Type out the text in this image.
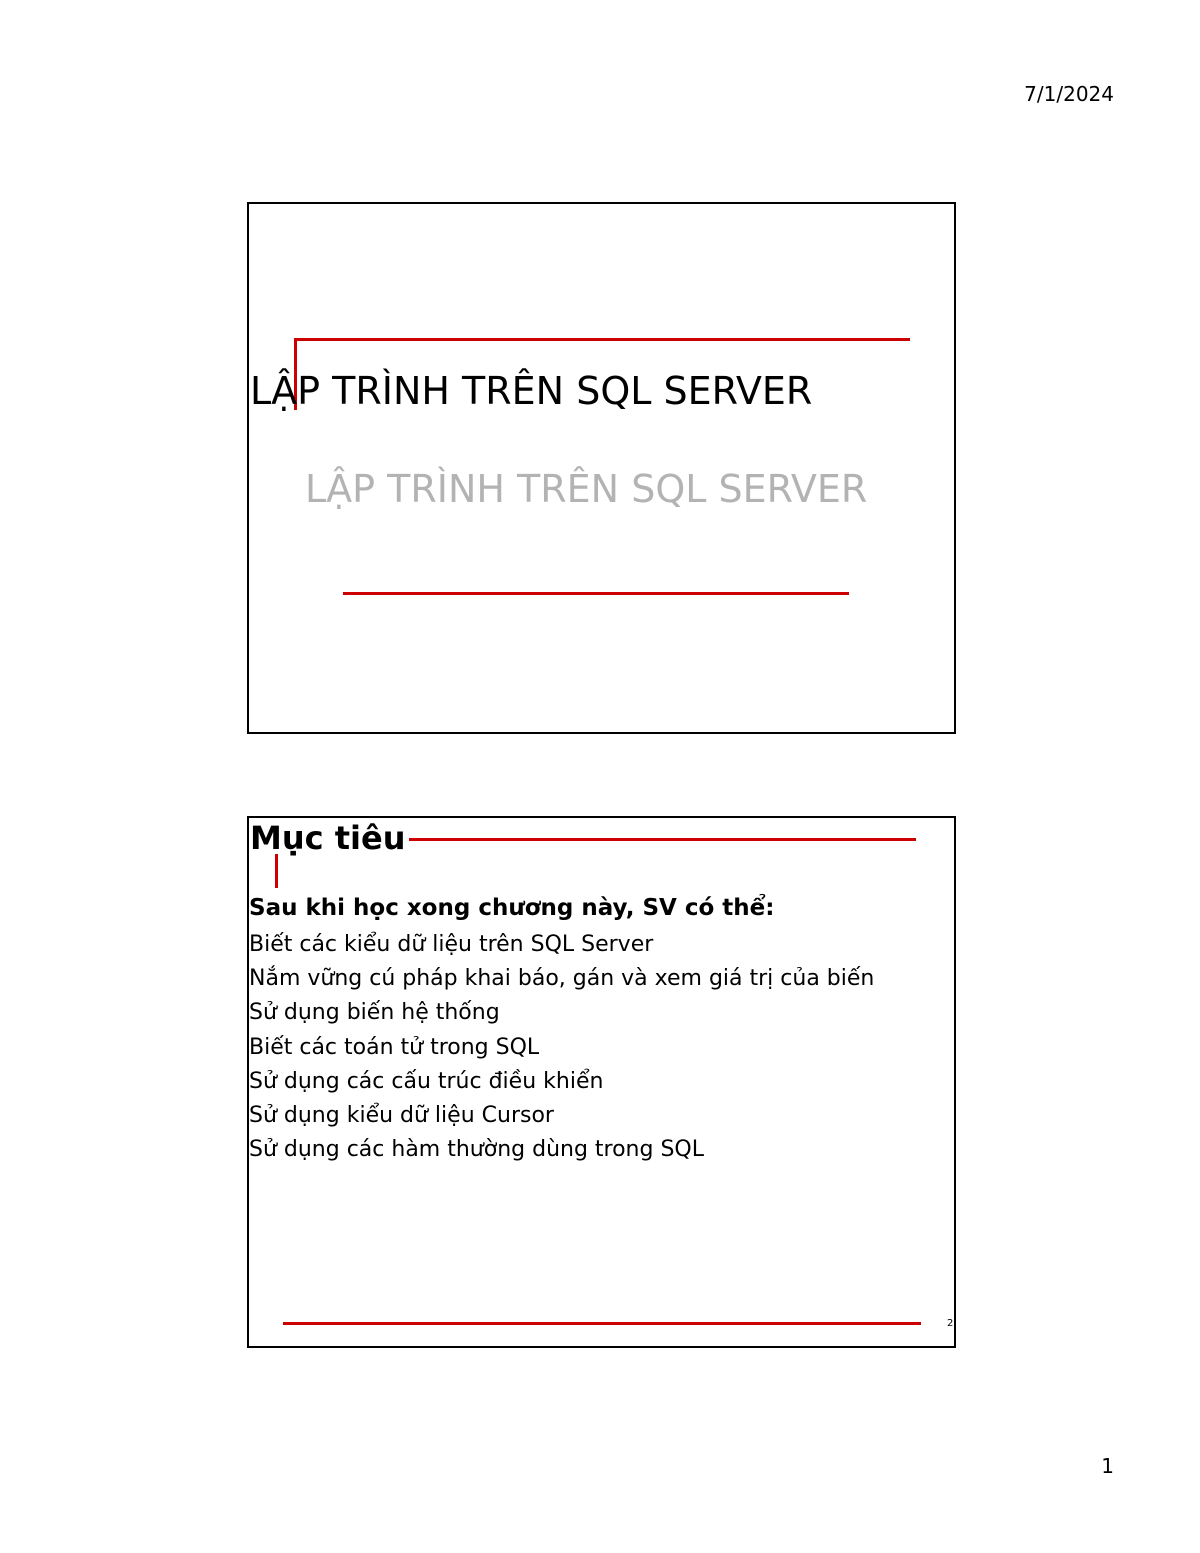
7/1/2024
LẬP TRÌNH TRÊN SQL SERVER
LẬP TRÌNH TRÊN SQL SERVER
Mục tiêu
Sau khi học xong chương này, SV có thể:
Biết các kiểu dữ liệu trên SQL Server
Nắm vững cú pháp khai báo, gán và xem giá trị của biến
Sử dụng biến hệ thống
Biết các toán tử trong SQL
Sử dụng các cấu trúc điều khiển
Sử dụng kiểu dữ liệu Cursor
Sử dụng các hàm thường dùng trong SQL
2
1
